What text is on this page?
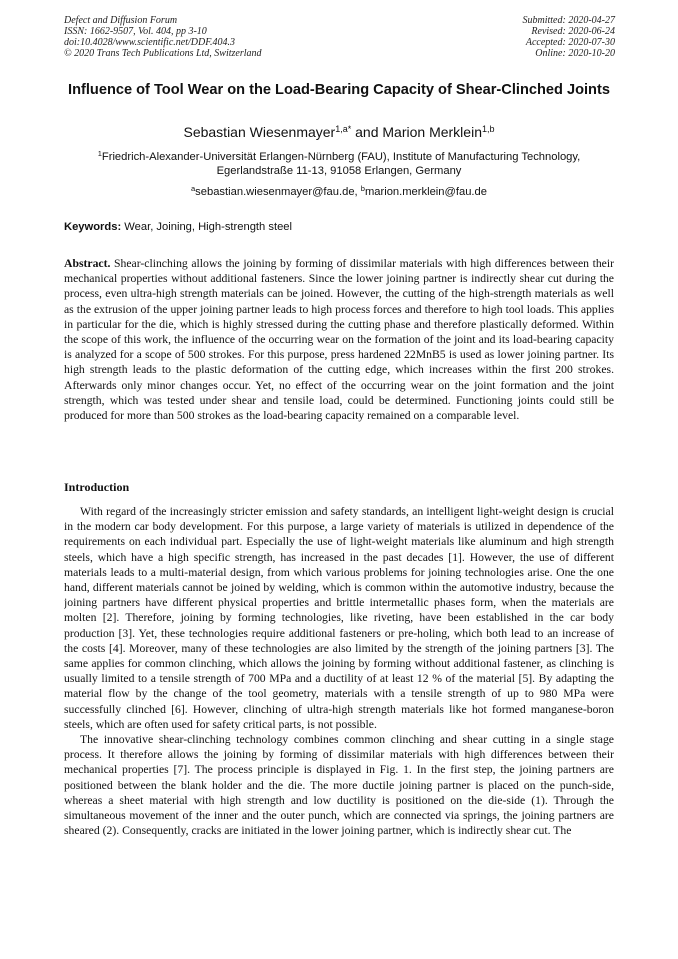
Defect and Diffusion Forum
ISSN: 1662-9507, Vol. 404, pp 3-10
doi:10.4028/www.scientific.net/DDF.404.3
© 2020 Trans Tech Publications Ltd, Switzerland
Submitted: 2020-04-27
Revised: 2020-06-24
Accepted: 2020-07-30
Online: 2020-10-20
Influence of Tool Wear on the Load-Bearing Capacity of Shear-Clinched Joints
Sebastian Wiesenmayer$^{1,a*}$ and Marion Merklein$^{1,b}$
$^1$Friedrich-Alexander-Universität Erlangen-Nürnberg (FAU), Institute of Manufacturing Technology,
Egerlandstraße 11-13, 91058 Erlangen, Germany
$^a$sebastian.wiesenmayer@fau.de, $^b$marion.merklein@fau.de
Keywords: Wear, Joining, High-strength steel
Abstract. Shear-clinching allows the joining by forming of dissimilar materials with high differences between their mechanical properties without additional fasteners. Since the lower joining partner is indirectly shear cut during the process, even ultra-high strength materials can be joined. However, the cutting of the high-strength materials as well as the extrusion of the upper joining partner leads to high process forces and therefore to high tool loads. This applies in particular for the die, which is highly stressed during the cutting phase and therefore plastically deformed. Within the scope of this work, the influence of the occurring wear on the formation of the joint and its load-bearing capacity is analyzed for a scope of 500 strokes. For this purpose, press hardened 22MnB5 is used as lower joining partner. Its high strength leads to the plastic deformation of the cutting edge, which increases within the first 200 strokes. Afterwards only minor changes occur. Yet, no effect of the occurring wear on the joint formation and the joint strength, which was tested under shear and tensile load, could be determined. Functioning joints could still be produced for more than 500 strokes as the load-bearing capacity remained on a comparable level.
Introduction

With regard of the increasingly stricter emission and safety standards, an intelligent light-weight design is crucial in the modern car body development. For this purpose, a large variety of materials is utilized in dependence of the requirements on each individual part. Especially the use of light-weight materials like aluminum and high strength steels, which have a high specific strength, has increased in the past decades [1]. However, the use of different materials leads to a multi-material design, from which various problems for joining technologies arise. One the one hand, different materials cannot be joined by welding, which is common within the automotive industry, because the joining partners have different physical properties and brittle intermetallic phases form, when the materials are molten [2]. Therefore, joining by forming technologies, like riveting, have been established in the car body production [3]. Yet, these technologies require additional fasteners or pre-holing, which both lead to an increase of the costs [4]. Moreover, many of these technologies are also limited by the strength of the joining partners [3]. The same applies for common clinching, which allows the joining by forming without additional fastener, as clinching is usually limited to a tensile strength of 700 MPa and a ductility of at least 12 % of the material [5]. By adapting the material flow by the change of the tool geometry, materials with a tensile strength of up to 980 MPa were successfully clinched [6]. However, clinching of ultra-high strength materials like hot formed manganese-boron steels, which are often used for safety critical parts, is not possible.

The innovative shear-clinching technology combines common clinching and shear cutting in a single stage process. It therefore allows the joining by forming of dissimilar materials with high differences between their mechanical properties [7]. The process principle is displayed in Fig. 1. In the first step, the joining partners are positioned between the blank holder and the die. The more ductile joining partner is placed on the punch-side, whereas a sheet material with high strength and low ductility is positioned on the die-side (1). Through the simultaneous movement of the inner and the outer punch, which are connected via springs, the joining partners are sheared (2). Consequently, cracks are initiated in the lower joining partner, which is indirectly shear cut. The
